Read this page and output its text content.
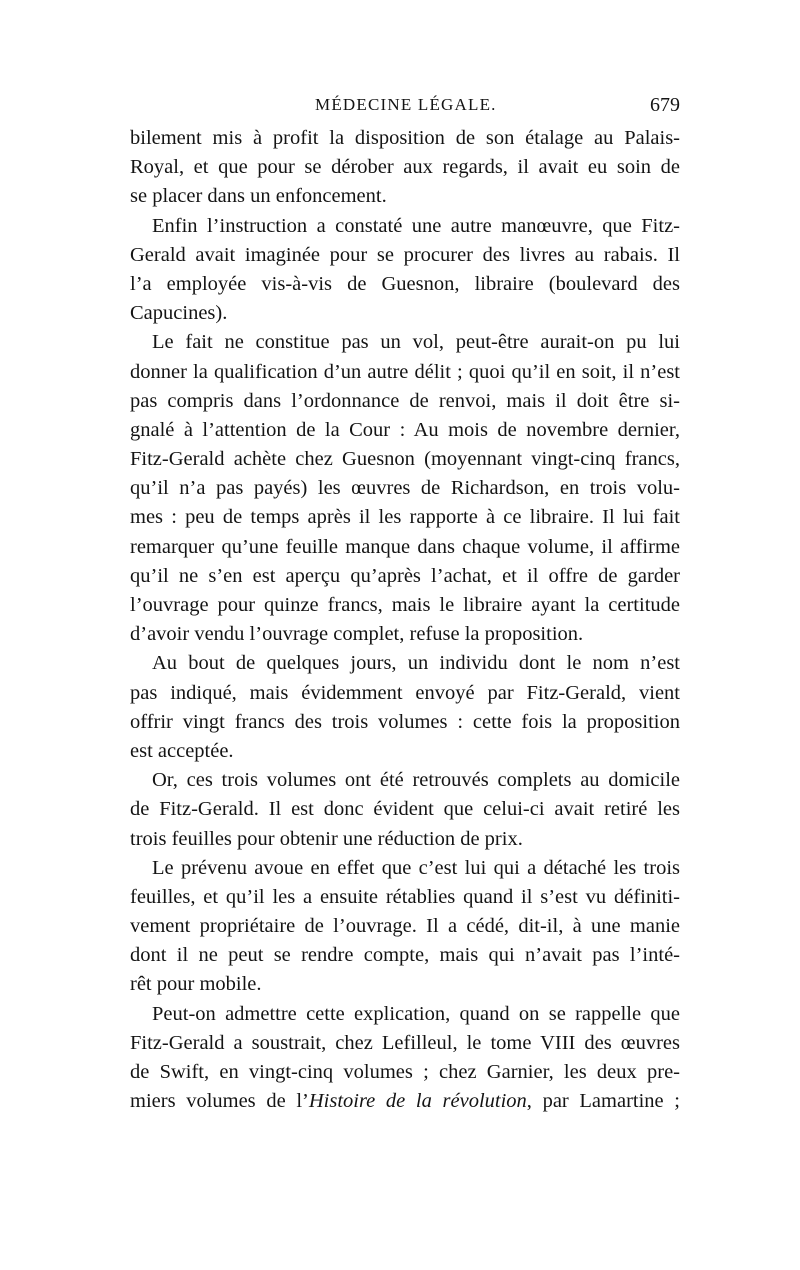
MÉDECINE LÉGALE.	679
bilement mis à profit la disposition de son étalage au Palais-
Royal, et que pour se dérober aux regards, il avait eu soin de
se placer dans un enfoncement.
Enfin l’instruction a constaté une autre manœuvre, que Fitz-
Gerald avait imaginée pour se procurer des livres au rabais. Il
l’a employée vis-à-vis de Guesnon, libraire (boulevard des
Capucines).
Le fait ne constitue pas un vol, peut-être aurait-on pu lui
donner la qualification d’un autre délit ; quoi qu’il en soit, il n’est
pas compris dans l’ordonnance de renvoi, mais il doit être si-
gnalé à l’attention de la Cour : Au mois de novembre dernier,
Fitz-Gerald achète chez Guesnon (moyennant vingt-cinq francs,
qu’il n’a pas payés) les œuvres de Richardson, en trois volu-
mes : peu de temps après il les rapporte à ce libraire. Il lui fait
remarquer qu’une feuille manque dans chaque volume, il affirme
qu’il ne s’en est aperçu qu’après l’achat, et il offre de garder
l’ouvrage pour quinze francs, mais le libraire ayant la certitude
d’avoir vendu l’ouvrage complet, refuse la proposition.
Au bout de quelques jours, un individu dont le nom n’est
pas indiqué, mais évidemment envoyé par Fitz-Gerald, vient
offrir vingt francs des trois volumes : cette fois la proposition
est acceptée.
Or, ces trois volumes ont été retrouvés complets au domicile
de Fitz-Gerald. Il est donc évident que celui-ci avait retiré les
trois feuilles pour obtenir une réduction de prix.
Le prévenu avoue en effet que c’est lui qui a détaché les trois
feuilles, et qu’il les a ensuite rétablies quand il s’est vu définiti-
vement propriétaire de l’ouvrage. Il a cédé, dit-il, à une manie
dont il ne peut se rendre compte, mais qui n’avait pas l’inté-
rêt pour mobile.
Peut-on admettre cette explication, quand on se rappelle que
Fitz-Gerald a soustrait, chez Lefilleul, le tome VIII des œuvres
de Swift, en vingt-cinq volumes ; chez Garnier, les deux pre-
miers volumes de l’Histoire de la révolution, par Lamartine ;
